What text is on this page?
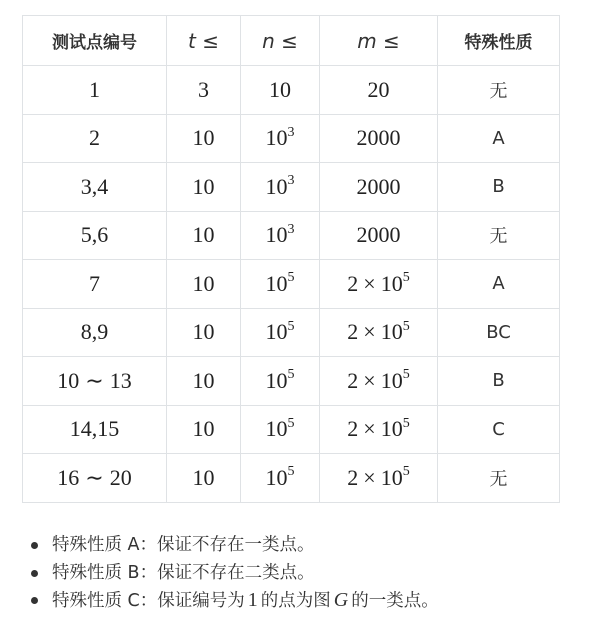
测试点编号	t ≤	n ≤	m ≤	特殊性质
1	3	10	20	无
2	10	$10^3$	2000	A
3,4	10	$10^3$	2000	B
5,6	10	$10^3$	2000	无
7	10	$10^5$	$2 \times 10^5$	A
8,9	10	$10^5$	$2 \times 10^5$	BC
10 ∼ 13	10	$10^5$	$2 \times 10^5$	B
14,15	10	$10^5$	$2 \times 10^5$	C
16 ∼ 20	10	$10^5$	$2 \times 10^5$	无
特殊性质 A：保证不存在一类点。
特殊性质 B：保证不存在二类点。
特殊性质 C：保证编号为 1 的点为图 G 的一类点。
